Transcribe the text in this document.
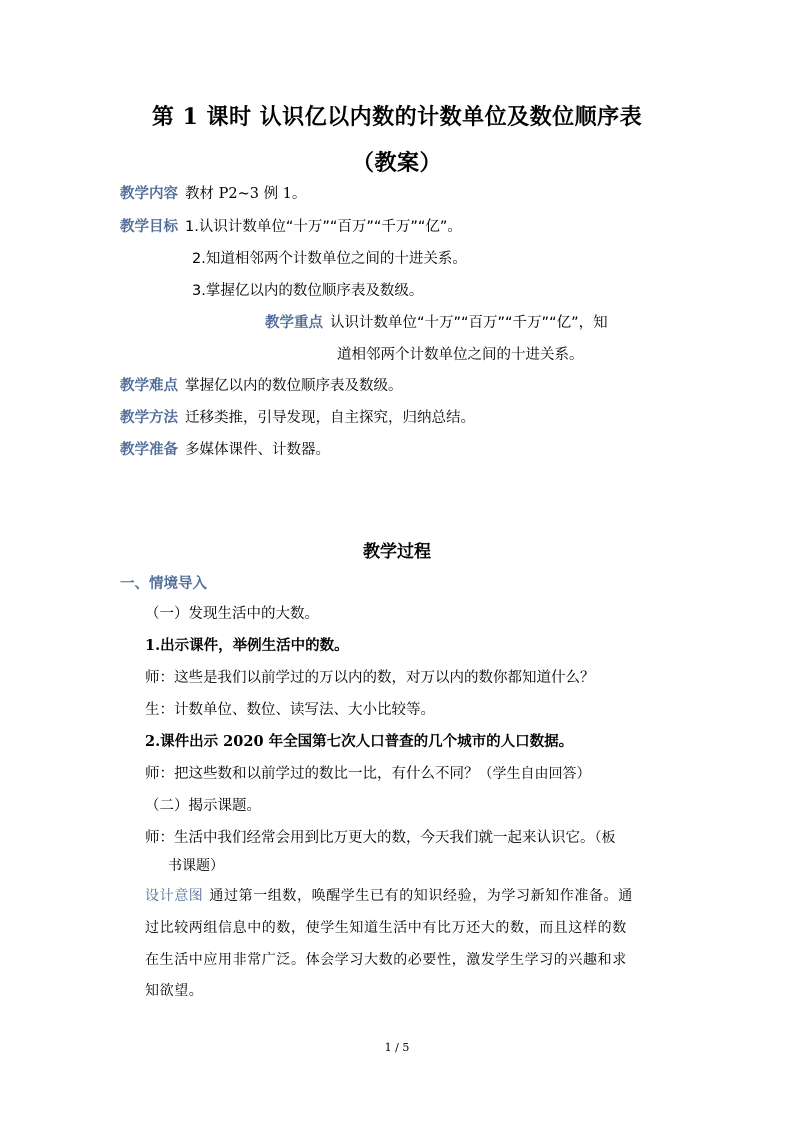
第 1 课时 认识亿以内数的计数单位及数位顺序表
（教案）
教学内容 教材 P2~3 例 1。
教学目标 1.认识计数单位“十万”“百万”“千万”“亿”。
2.知道相邻两个计数单位之间的十进关系。
3.掌握亿以内的数位顺序表及数级。
教学重点 认识计数单位“十万”“百万”“千万”“亿”，知
道相邻两个计数单位之间的十进关系。
教学难点 掌握亿以内的数位顺序表及数级。
教学方法 迁移类推，引导发现，自主探究，归纳总结。
教学准备 多媒体课件、计数器。
教学过程
一、情境导入
（一）发现生活中的大数。
1.出示课件，举例生活中的数。
师：这些是我们以前学过的万以内的数，对万以内的数你都知道什么？
生：计数单位、数位、读写法、大小比较等。
2.课件出示 2020 年全国第七次人口普查的几个城市的人口数据。
师：把这些数和以前学过的数比一比，有什么不同？（学生自由回答）
（二）揭示课题。
师：生活中我们经常会用到比万更大的数，今天我们就一起来认识它。（板
书课题）
设计意图 通过第一组数，唤醒学生已有的知识经验，为学习新知作准备。通
过比较两组信息中的数，使学生知道生活中有比万还大的数，而且这样的数
在生活中应用非常广泛。体会学习大数的必要性，激发学生学习的兴趣和求
知欲望。
1 / 5
